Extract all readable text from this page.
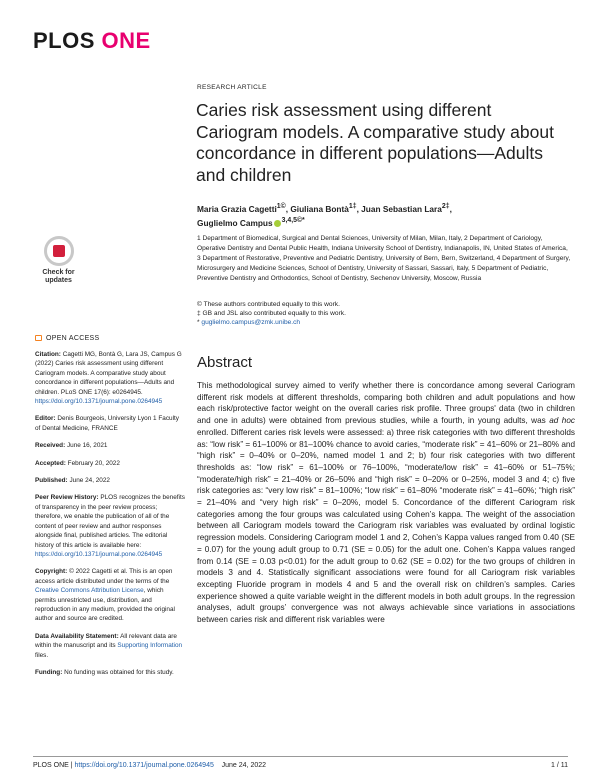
PLOS ONE
RESEARCH ARTICLE
Caries risk assessment using different Cariogram models. A comparative study about concordance in different populations—Adults and children
Maria Grazia Cagetti$^{1©}$, Giuliana Bontà$^{1\ddagger}$, Juan Sebastian Lara$^{2\ddagger}$,
Guglielmo Campus $^{3,4,5©*}$
1 Department of Biomedical, Surgical and Dental Sciences, University of Milan, Milan, Italy, 2 Department of Cariology, Operative Dentistry and Dental Public Health, Indiana University School of Dentistry, Indianapolis, IN, United States of America, 3 Department of Restorative, Preventive and Pediatric Dentistry, University of Bern, Bern, Switzerland, 4 Department of Surgery, Microsurgery and Medicine Sciences, School of Dentistry, University of Sassari, Sassari, Italy, 5 Department of Pediatric, Preventive Dentistry and Orthodontics, School of Dentistry, Sechenov University, Moscow, Russia
© These authors contributed equally to this work.
‡ GB and JSL also contributed equally to this work.
* guglielmo.campus@zmk.unibe.ch
Check for
updates
OPEN ACCESS

Citation: Cagetti MG, Bontà G, Lara JS, Campus G (2022) Caries risk assessment using different Cariogram models. A comparative study about concordance in different populations—Adults and children. PLoS ONE 17(6): e0264945. https://doi.org/10.1371/journal.pone.0264945

Editor: Denis Bourgeois, University Lyon 1 Faculty of Dental Medicine, FRANCE

Received: June 16, 2021

Accepted: February 20, 2022

Published: June 24, 2022

Peer Review History: PLOS recognizes the benefits of transparency in the peer review process; therefore, we enable the publication of all of the content of peer review and author responses alongside final, published articles. The editorial history of this article is available here: https://doi.org/10.1371/journal.pone.0264945

Copyright: © 2022 Cagetti et al. This is an open access article distributed under the terms of the Creative Commons Attribution License, which permits unrestricted use, distribution, and reproduction in any medium, provided the original author and source are credited.

Data Availability Statement: All relevant data are within the manuscript and its Supporting Information files.

Funding: No funding was obtained for this study.

Abstract
This methodological survey aimed to verify whether there is concordance among several Cariogram different risk models at different thresholds, comparing both children and adult populations and how each risk/protective factor weight on the overall caries risk profile. Three groups' data (two in children and one in adults) were obtained from previous studies, while a fourth, in young adults, was ad hoc enrolled. Different caries risk levels were assessed: a) three risk categories with two different thresholds as: “low risk” = 61–100% or 81–100% chance to avoid caries, “moderate risk” = 41–60% or 21–80% and “high risk” = 0–40% or 0–20%, named model 1 and 2; b) four risk categories with two different thresholds as: “low risk” = 61–100% or 76–100%, “moderate/low risk” = 41–60% or 51–75%; “moderate/high risk” = 21–40% or 26–50% and “high risk” = 0–20% or 0–25%, model 3 and 4; c) five risk categories as: “very low risk” = 81–100%; “low risk” = 61–80% “moderate risk” = 41–60%; “high risk” = 21–40% and “very high risk” = 0–20%, model 5. Concordance of the different Cariogram risk categories among the four groups was calculated using Cohen’s kappa. The weight of the association between all Cariogram models toward the Cariogram risk variables was evaluated by ordinal logistic regression models. Considering Cariogram model 1 and 2, Cohen’s Kappa values ranged from 0.40 (SE = 0.07) for the young adult group to 0.71 (SE = 0.05) for the adult one. Cohen’s Kappa values ranged from 0.14 (SE = 0.03 p<0.01) for the adult group to 0.62 (SE = 0.02) for the two groups of children in models 3 and 4. Statistically significant associations were found for all Cariogram risk variables excepting Fluoride program in models 4 and 5 and the overall risk on children’s samples. Caries experience showed a quite variable weight in the different models in both adult groups. In the regression analyses, adult groups’ convergence was not always achievable since variations in associations between caries risk and different risk variables were
PLOS ONE | https://doi.org/10.1371/journal.pone.0264945 June 24, 2022	1 / 11
